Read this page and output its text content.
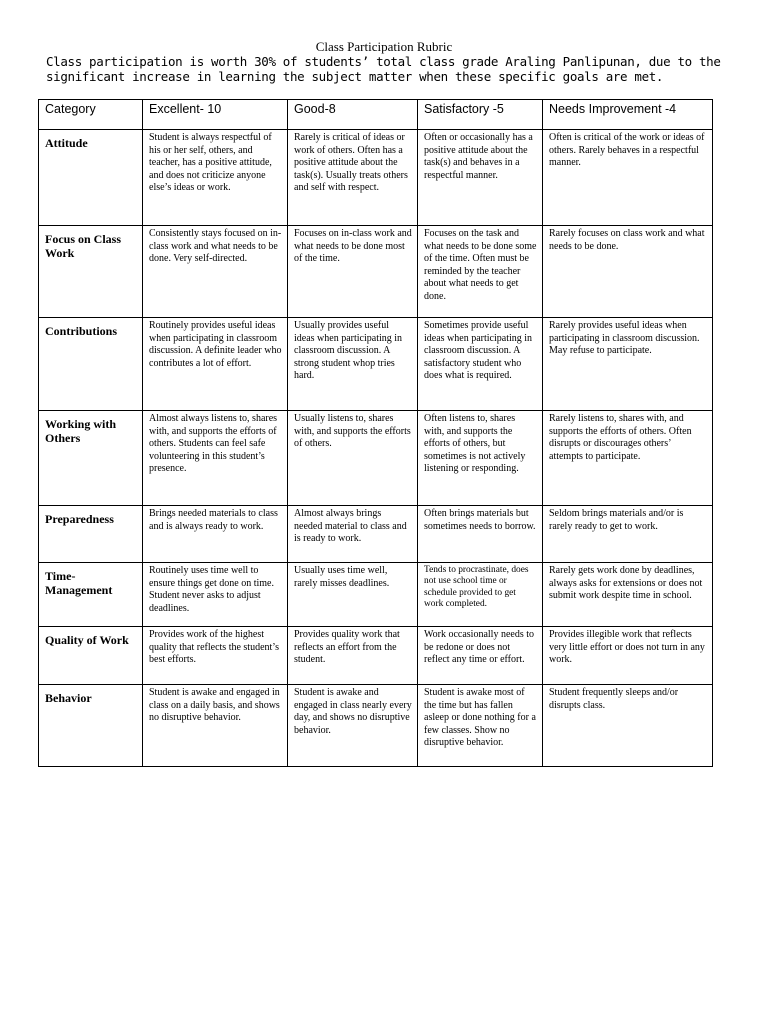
Class Participation Rubric
Class participation is worth 30% of students’ total class grade Araling Panlipunan, due to the significant increase in learning the subject matter when these specific goals are met.
Category	Excellent- 10	Good-8	Satisfactory -5	Needs Improvement -4
Attitude	Student is always respectful of his or her self, others, and teacher, has a positive attitude, and does not criticize anyone else’s ideas or work.	Rarely is critical of ideas or work of others. Often has a positive attitude about the task(s). Usually treats others and self with respect.	Often or occasionally has a positive attitude about the task(s) and behaves in a respectful manner.	Often is critical of the work or ideas of others. Rarely behaves in a respectful manner.
Focus on Class Work	Consistently stays focused on in-class work and what needs to be done. Very self-directed.	Focuses on in-class work and what needs to be done most of the time.	Focuses on the task and what needs to be done some of the time. Often must be reminded by the teacher about what needs to get done.	Rarely focuses on class work and what needs to be done.
Contributions	Routinely provides useful ideas when participating in classroom discussion. A definite leader who contributes a lot of effort.	Usually provides useful ideas when participating in classroom discussion. A strong student whop tries hard.	Sometimes provide useful ideas when participating in classroom discussion. A satisfactory student who does what is required.	Rarely provides useful ideas when participating in classroom discussion. May refuse to participate.
Working with Others	Almost always listens to, shares with, and supports the efforts of others. Students can feel safe volunteering in this student’s presence.	Usually listens to, shares with, and supports the efforts of others.	Often listens to, shares with, and supports the efforts of others, but sometimes is not actively listening or responding.	Rarely listens to, shares with, and supports the efforts of others. Often disrupts or discourages others’ attempts to participate.
Preparedness	Brings needed materials to class and is always ready to work.	Almost always brings needed material to class and is ready to work.	Often brings materials but sometimes needs to borrow.	Seldom brings materials and/or is rarely ready to get to work.
Time-Management	Routinely uses time well to ensure things get done on time. Student never asks to adjust deadlines.	Usually uses time well, rarely misses deadlines.	Tends to procrastinate, does not use school time or schedule provided to get work completed.	Rarely gets work done by deadlines, always asks for extensions or does not submit work despite time in school.
Quality of Work	Provides work of the highest quality that reflects the student’s best efforts.	Provides quality work that reflects an effort from the student.	Work occasionally needs to be redone or does not reflect any time or effort.	Provides illegible work that reflects very little effort or does not turn in any work.
Behavior	Student is awake and engaged in class on a daily basis, and shows no disruptive behavior.	Student is awake and engaged in class nearly every day, and shows no disruptive behavior.	Student is awake most of the time but has fallen asleep or done nothing for a few classes. Show no disruptive behavior.	Student frequently sleeps and/or disrupts class.
